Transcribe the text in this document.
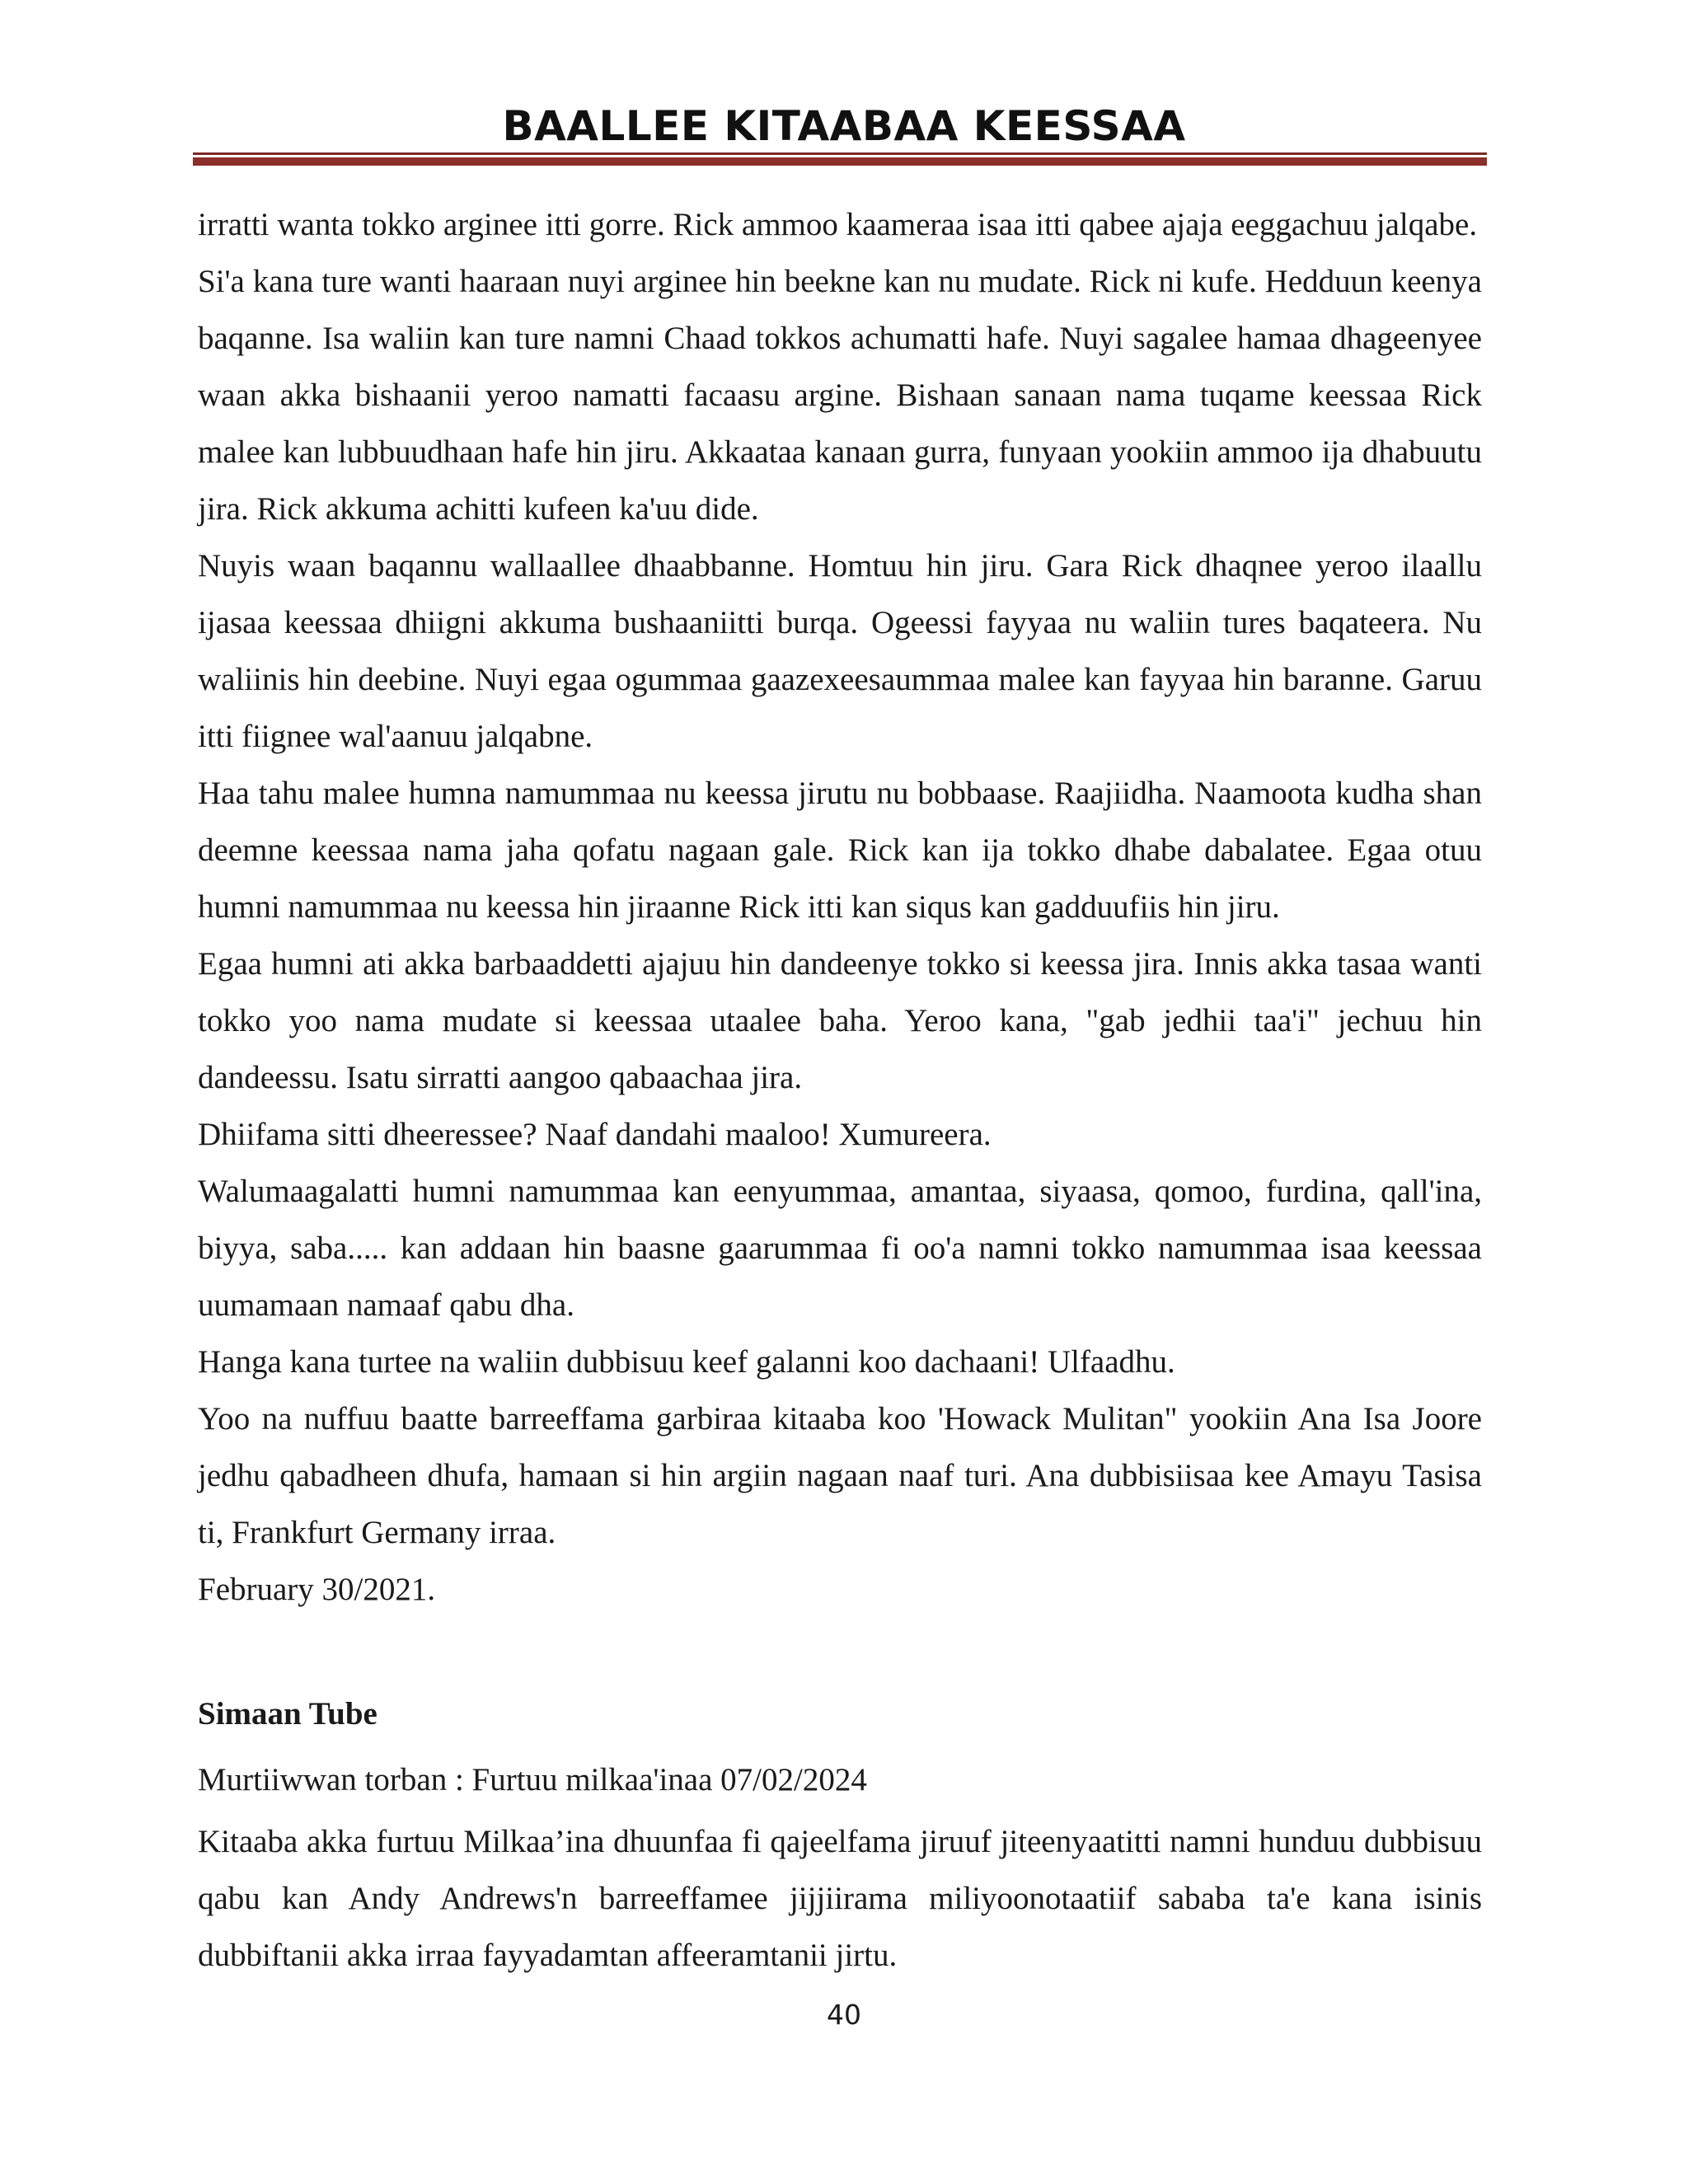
BAALLEE KITAABAA KEESSAA

irratti wanta tokko arginee itti gorre. Rick ammoo kaameraa isaa itti qabee ajaja eeggachuu jalqabe.

Si'a kana ture wanti haaraan nuyi arginee hin beekne kan nu mudate. Rick ni kufe. Hedduun keenya baqanne. Isa waliin kan ture namni Chaad tokkos achumatti hafe. Nuyi sagalee hamaa dhageenyee waan akka bishaanii yeroo namatti facaasu argine. Bishaan sanaan nama tuqame keessaa Rick malee kan lubbuudhaan hafe hin jiru. Akkaataa kanaan gurra, funyaan yookiin ammoo ija dhabuutu jira. Rick akkuma achitti kufeen ka'uu dide.

Nuyis waan baqannu wallaallee dhaabbanne. Homtuu hin jiru. Gara Rick dhaqnee yeroo ilaallu ijasaa keessaa dhiigni akkuma bushaaniitti burqa. Ogeessi fayyaa nu waliin tures baqateera. Nu waliinis hin deebine. Nuyi egaa ogummaa gaazexeesaummaa malee kan fayyaa hin baranne. Garuu itti fiignee wal'aanuu jalqabne.

Haa tahu malee humna namummaa nu keessa jirutu nu bobbaase. Raajiidha. Naamoota kudha shan deemne keessaa nama jaha qofatu nagaan gale. Rick kan ija tokko dhabe dabalatee. Egaa otuu humni namummaa nu keessa hin jiraanne Rick itti kan siqus kan gadduufiis hin jiru.

Egaa humni ati akka barbaaddetti ajajuu hin dandeenye tokko si keessa jira. Innis akka tasaa wanti tokko yoo nama mudate si keessaa utaalee baha. Yeroo kana, "gab jedhii taa'i" jechuu hin dandeessu. Isatu sirratti aangoo qabaachaa jira.

Dhiifama sitti dheeressee? Naaf dandahi maaloo! Xumureera.

Walumaagalatti humni namummaa kan eenyummaa, amantaa, siyaasa, qomoo, furdina, qall'ina, biyya, saba..... kan addaan hin baasne gaarummaa fi oo'a namni tokko namummaa isaa keessaa uumamaan namaaf qabu dha.

Hanga kana turtee na waliin dubbisuu keef galanni koo dachaani! Ulfaadhu.

Yoo na nuffuu baatte barreeffama garbiraa kitaaba koo 'Howack Mulitan" yookiin Ana Isa Joore jedhu qabadheen dhufa, hamaan si hin argiin nagaan naaf turi. Ana dubbisiisaa kee Amayu Tasisa ti, Frankfurt Germany irraa.

February 30/2021.

Simaan Tube
Murtiiwwan torban : Furtuu milkaa'inaa 07/02/2024

Kitaaba akka furtuu Milkaa’ina dhuunfaa fi qajeelfama jiruuf jiteenyaatitti namni hunduu dubbisuu qabu kan Andy Andrews'n barreeffamee jijjiirama miliyoonotaatiif sababa ta'e kana isinis dubbiftanii akka irraa fayyadamtan affeeramtanii jirtu.

40
